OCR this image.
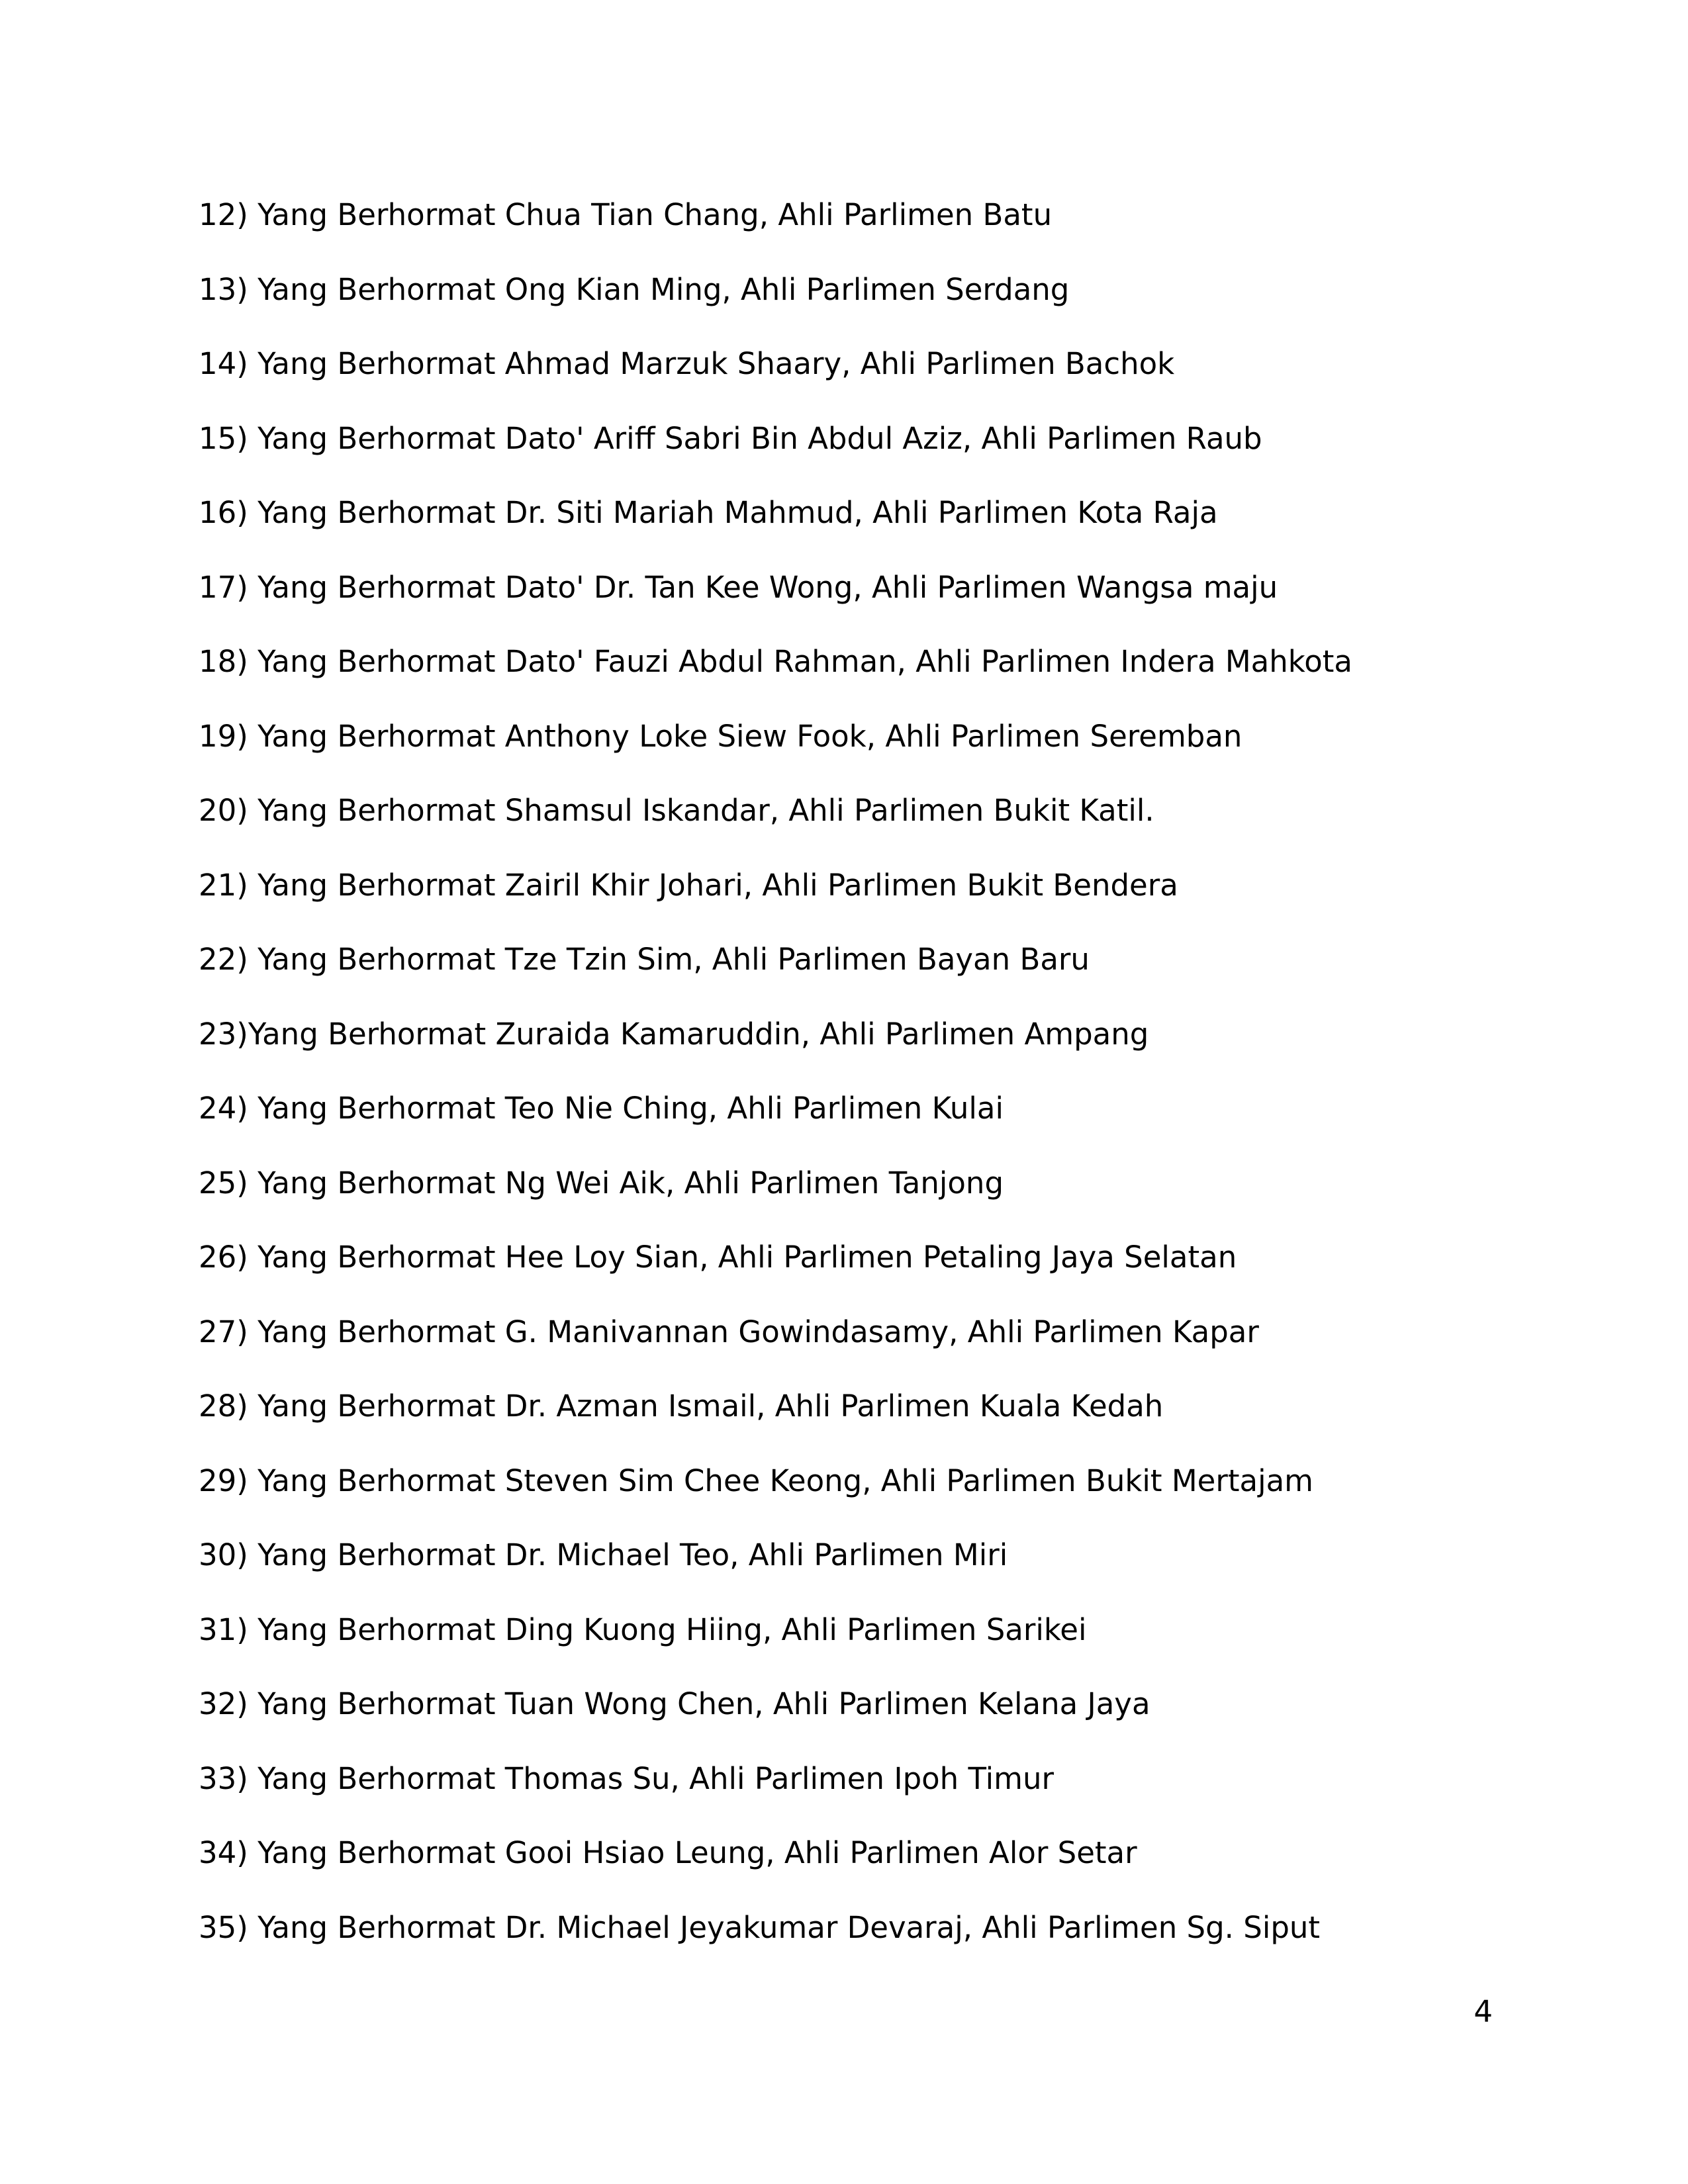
12) Yang Berhormat Chua Tian Chang, Ahli Parlimen Batu
13) Yang Berhormat Ong Kian Ming, Ahli Parlimen Serdang
14) Yang Berhormat Ahmad Marzuk Shaary, Ahli Parlimen Bachok
15) Yang Berhormat Dato' Ariff Sabri Bin Abdul Aziz, Ahli Parlimen Raub
16) Yang Berhormat Dr. Siti Mariah Mahmud, Ahli Parlimen Kota Raja
17) Yang Berhormat Dato' Dr. Tan Kee Wong, Ahli Parlimen Wangsa maju
18) Yang Berhormat Dato' Fauzi Abdul Rahman, Ahli Parlimen Indera Mahkota
19) Yang Berhormat Anthony Loke Siew Fook, Ahli Parlimen Seremban
20) Yang Berhormat Shamsul Iskandar, Ahli Parlimen Bukit Katil.
21) Yang Berhormat Zairil Khir Johari, Ahli Parlimen Bukit Bendera
22) Yang Berhormat Tze Tzin Sim, Ahli Parlimen Bayan Baru
23)Yang Berhormat Zuraida Kamaruddin, Ahli Parlimen Ampang
24) Yang Berhormat Teo Nie Ching, Ahli Parlimen Kulai
25) Yang Berhormat Ng Wei Aik, Ahli Parlimen Tanjong
26) Yang Berhormat Hee Loy Sian, Ahli Parlimen Petaling Jaya Selatan
27) Yang Berhormat G. Manivannan Gowindasamy, Ahli Parlimen Kapar
28) Yang Berhormat Dr. Azman Ismail, Ahli Parlimen Kuala Kedah
29) Yang Berhormat Steven Sim Chee Keong, Ahli Parlimen Bukit Mertajam
30) Yang Berhormat Dr. Michael Teo, Ahli Parlimen Miri
31) Yang Berhormat Ding Kuong Hiing, Ahli Parlimen Sarikei
32) Yang Berhormat Tuan Wong Chen, Ahli Parlimen Kelana Jaya
33) Yang Berhormat Thomas Su, Ahli Parlimen Ipoh Timur
34) Yang Berhormat Gooi Hsiao Leung, Ahli Parlimen Alor Setar
35) Yang Berhormat Dr. Michael Jeyakumar Devaraj, Ahli Parlimen Sg. Siput
4
